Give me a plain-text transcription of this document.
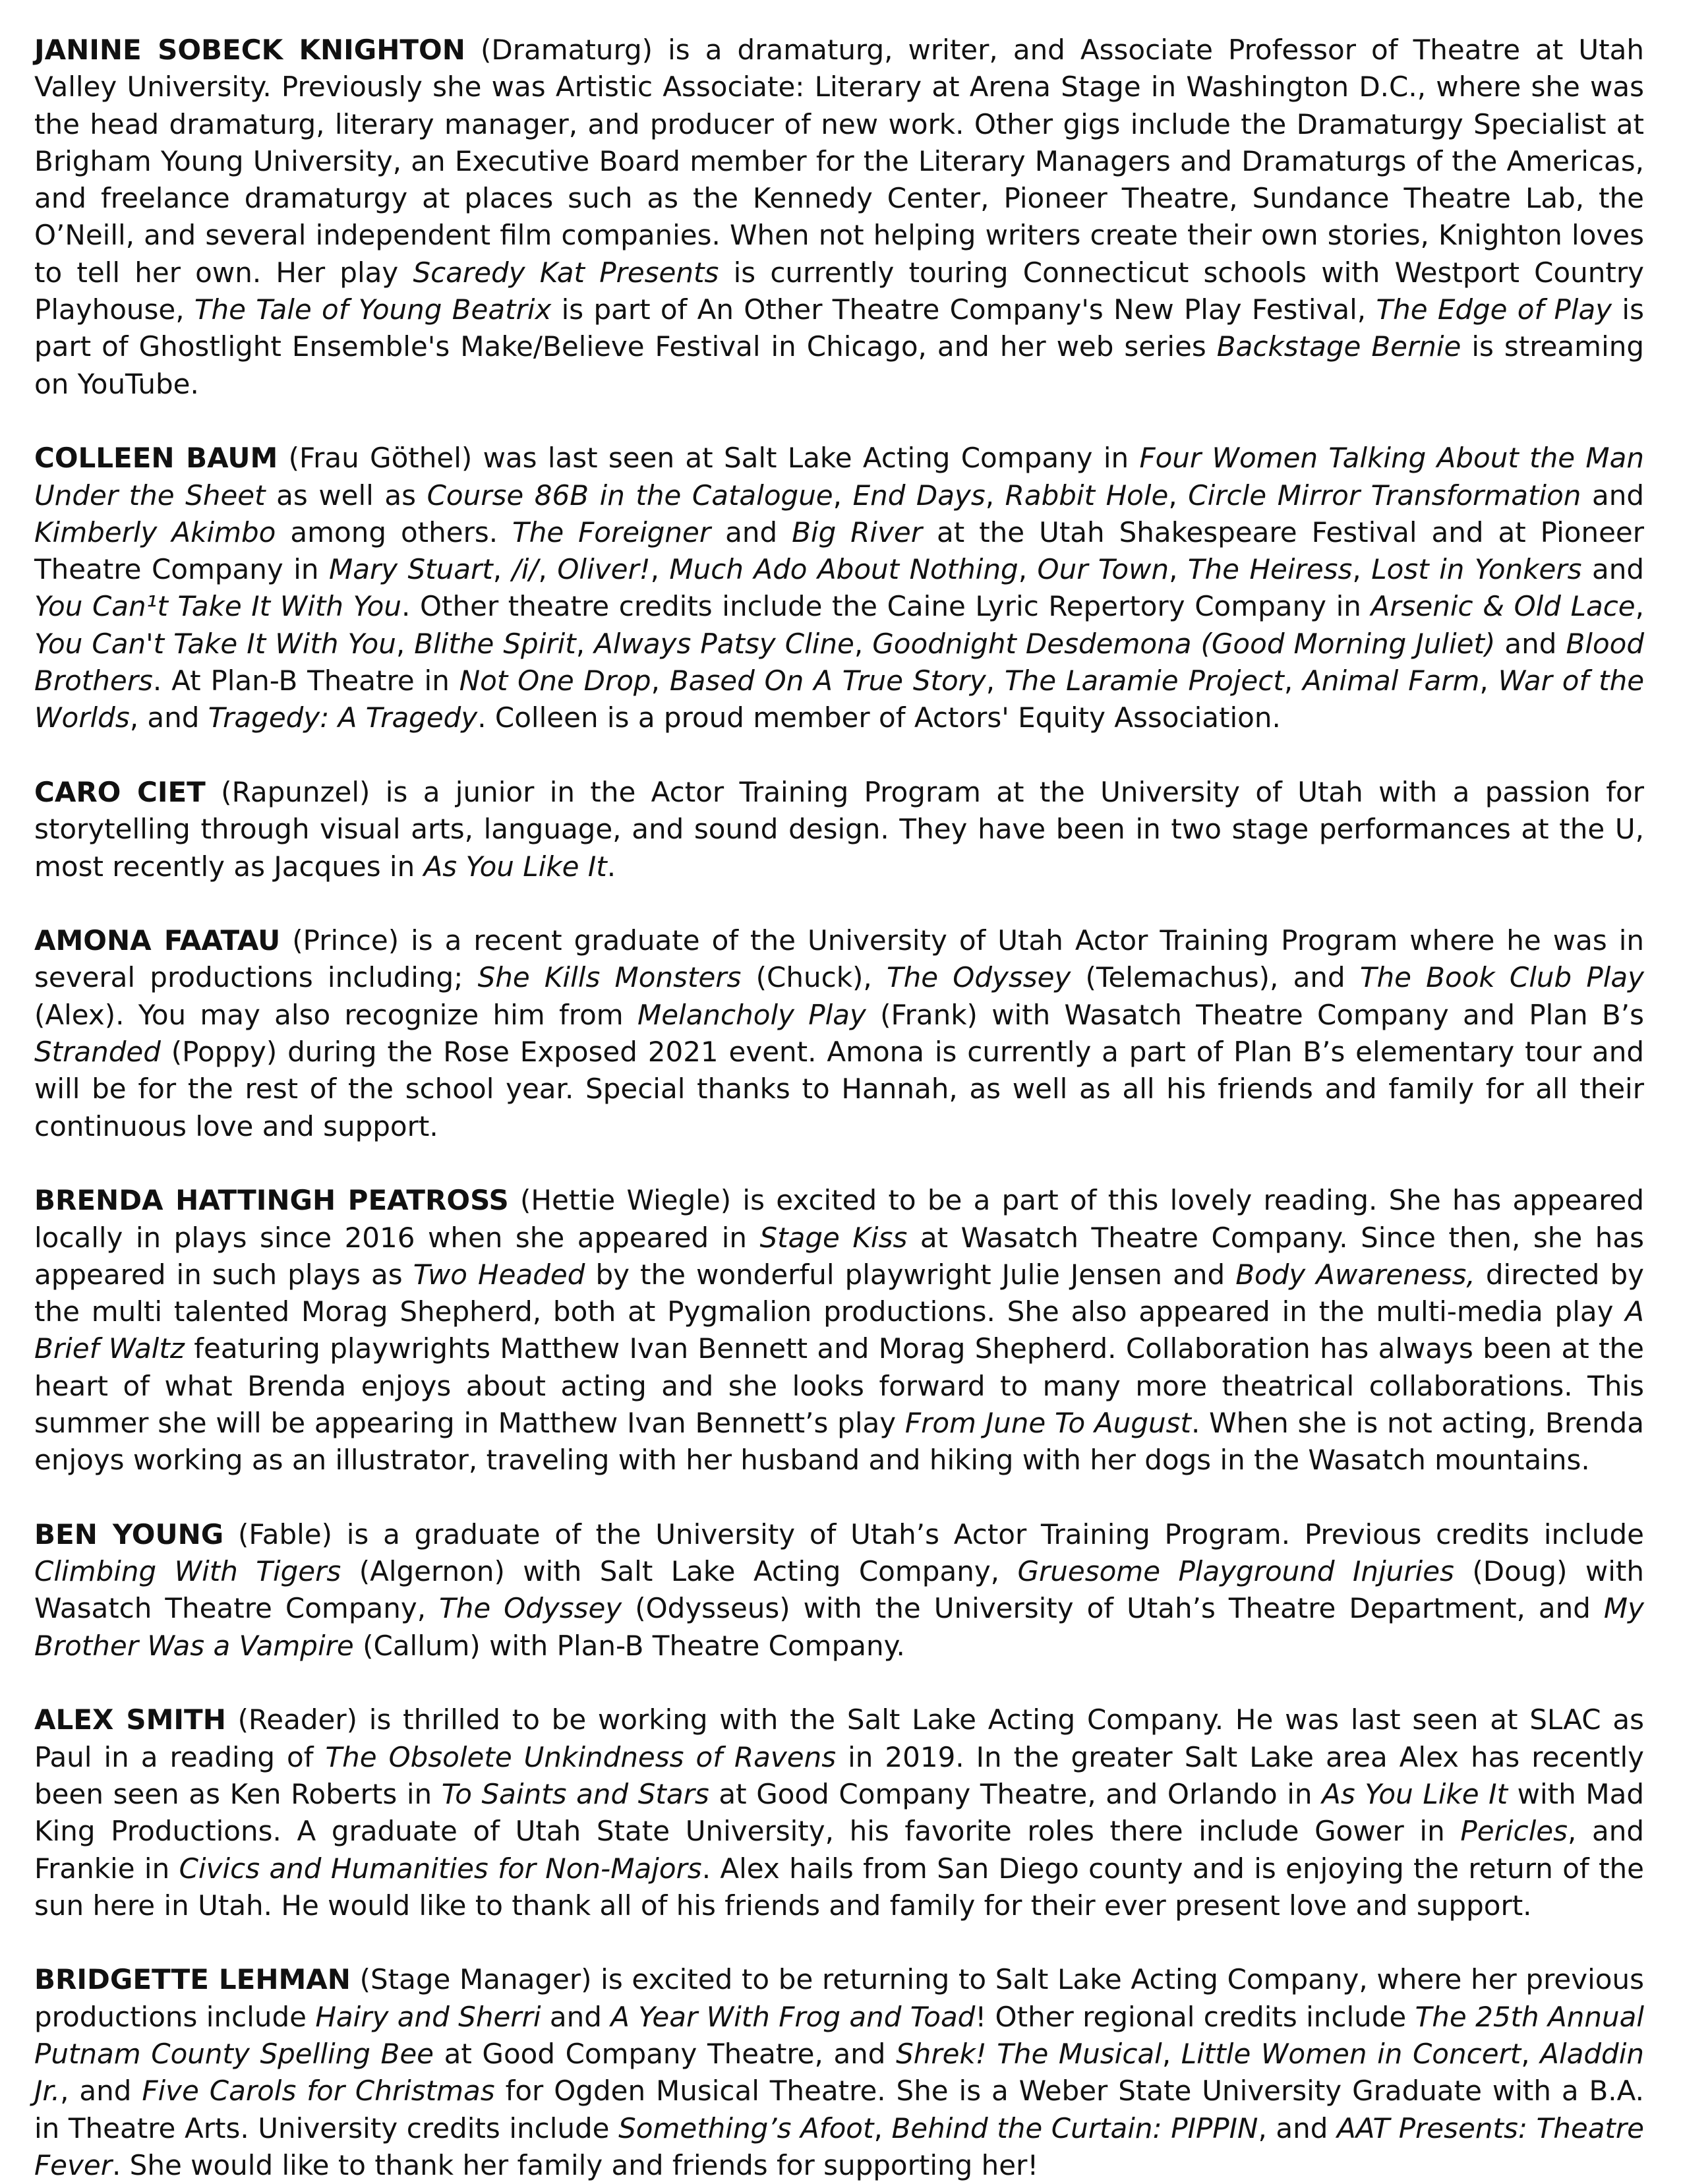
JANINE SOBECK KNIGHTON (Dramaturg) is a dramaturg, writer, and Associate Professor of Theatre at Utah Valley University. Previously she was Artistic Associate: Literary at Arena Stage in Washington D.C., where she was the head dramaturg, literary manager, and producer of new work. Other gigs include the Dramaturgy Specialist at Brigham Young University, an Executive Board member for the Literary Managers and Dramaturgs of the Americas, and freelance dramaturgy at places such as the Kennedy Center, Pioneer Theatre, Sundance Theatre Lab, the O’Neill, and several independent film companies. When not helping writers create their own stories, Knighton loves to tell her own. Her play Scaredy Kat Presents is currently touring Connecticut schools with Westport Country Playhouse, The Tale of Young Beatrix is part of An Other Theatre Company's New Play Festival, The Edge of Play is part of Ghostlight Ensemble's Make/Believe Festival in Chicago, and her web series Backstage Bernie is streaming on YouTube.

COLLEEN BAUM (Frau Göthel) was last seen at Salt Lake Acting Company in Four Women Talking About the Man Under the Sheet as well as Course 86B in the Catalogue, End Days, Rabbit Hole, Circle Mirror Transformation and Kimberly Akimbo among others. The Foreigner and Big River at the Utah Shakespeare Festival and at Pioneer Theatre Company in Mary Stuart, /i/, Oliver!, Much Ado About Nothing, Our Town, The Heiress, Lost in Yonkers and You Can¹t Take It With You. Other theatre credits include the Caine Lyric Repertory Company in Arsenic & Old Lace, You Can't Take It With You, Blithe Spirit, Always Patsy Cline, Goodnight Desdemona (Good Morning Juliet) and Blood Brothers. At Plan-B Theatre in Not One Drop, Based On A True Story, The Laramie Project, Animal Farm, War of the Worlds, and Tragedy: A Tragedy. Colleen is a proud member of Actors' Equity Association.

CARO CIET (Rapunzel) is a junior in the Actor Training Program at the University of Utah with a passion for storytelling through visual arts, language, and sound design. They have been in two stage performances at the U, most recently as Jacques in As You Like It.

AMONA FAATAU (Prince) is a recent graduate of the University of Utah Actor Training Program where he was in several productions including; She Kills Monsters (Chuck), The Odyssey (Telemachus), and The Book Club Play (Alex). You may also recognize him from Melancholy Play (Frank) with Wasatch Theatre Company and Plan B’s Stranded (Poppy) during the Rose Exposed 2021 event. Amona is currently a part of Plan B’s elementary tour and will be for the rest of the school year. Special thanks to Hannah, as well as all his friends and family for all their continuous love and support.

BRENDA HATTINGH PEATROSS (Hettie Wiegle) is excited to be a part of this lovely reading. She has appeared locally in plays since 2016 when she appeared in Stage Kiss at Wasatch Theatre Company. Since then, she has appeared in such plays as Two Headed by the wonderful playwright Julie Jensen and Body Awareness, directed by the multi talented Morag Shepherd, both at Pygmalion productions. She also appeared in the multi-media play A Brief Waltz featuring playwrights Matthew Ivan Bennett and Morag Shepherd. Collaboration has always been at the heart of what Brenda enjoys about acting and she looks forward to many more theatrical collaborations. This summer she will be appearing in Matthew Ivan Bennett’s play From June To August. When she is not acting, Brenda enjoys working as an illustrator, traveling with her husband and hiking with her dogs in the Wasatch mountains.

BEN YOUNG (Fable) is a graduate of the University of Utah’s Actor Training Program. Previous credits include Climbing With Tigers (Algernon) with Salt Lake Acting Company, Gruesome Playground Injuries (Doug) with Wasatch Theatre Company, The Odyssey (Odysseus) with the University of Utah’s Theatre Department, and My Brother Was a Vampire (Callum) with Plan-B Theatre Company.

ALEX SMITH (Reader) is thrilled to be working with the Salt Lake Acting Company. He was last seen at SLAC as Paul in a reading of The Obsolete Unkindness of Ravens in 2019. In the greater Salt Lake area Alex has recently been seen as Ken Roberts in To Saints and Stars at Good Company Theatre, and Orlando in As You Like It with Mad King Productions. A graduate of Utah State University, his favorite roles there include Gower in Pericles, and Frankie in Civics and Humanities for Non-Majors. Alex hails from San Diego county and is enjoying the return of the sun here in Utah. He would like to thank all of his friends and family for their ever present love and support.

BRIDGETTE LEHMAN (Stage Manager) is excited to be returning to Salt Lake Acting Company, where her previous productions include Hairy and Sherri and A Year With Frog and Toad! Other regional credits include The 25th Annual Putnam County Spelling Bee at Good Company Theatre, and Shrek! The Musical, Little Women in Concert, Aladdin Jr., and Five Carols for Christmas for Ogden Musical Theatre. She is a Weber State University Graduate with a B.A. in Theatre Arts. University credits include Something’s Afoot, Behind the Curtain: PIPPIN, and AAT Presents: Theatre Fever. She would like to thank her family and friends for supporting her!
